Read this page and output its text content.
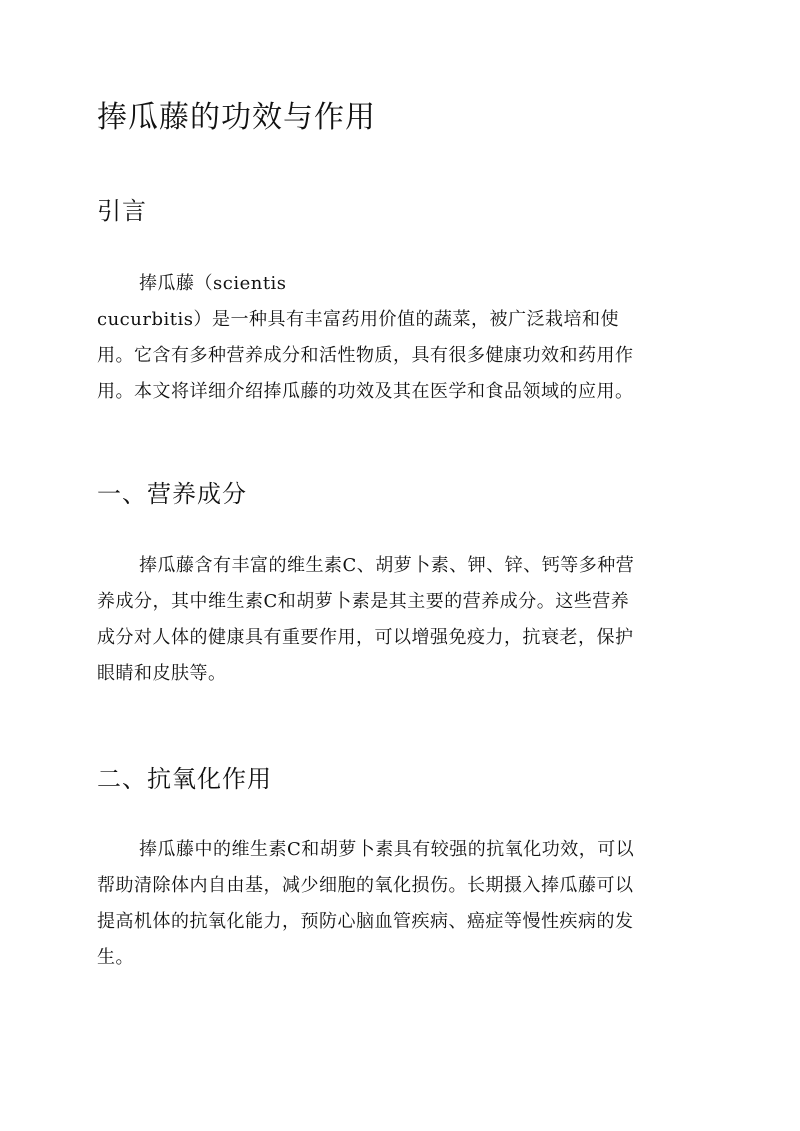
捧瓜藤的功效与作用
引言
捧瓜藤（scientis
cucurbitis）是一种具有丰富药用价值的蔬菜，被广泛栽培和使
用。它含有多种营养成分和活性物质，具有很多健康功效和药用作
用。本文将详细介绍捧瓜藤的功效及其在医学和食品领域的应用。
一、营养成分
捧瓜藤含有丰富的维生素C、胡萝卜素、钾、锌、钙等多种营
养成分，其中维生素C和胡萝卜素是其主要的营养成分。这些营养
成分对人体的健康具有重要作用，可以增强免疫力，抗衰老，保护
眼睛和皮肤等。
二、抗氧化作用
捧瓜藤中的维生素C和胡萝卜素具有较强的抗氧化功效，可以
帮助清除体内自由基，减少细胞的氧化损伤。长期摄入捧瓜藤可以
提高机体的抗氧化能力，预防心脑血管疾病、癌症等慢性疾病的发
生。
